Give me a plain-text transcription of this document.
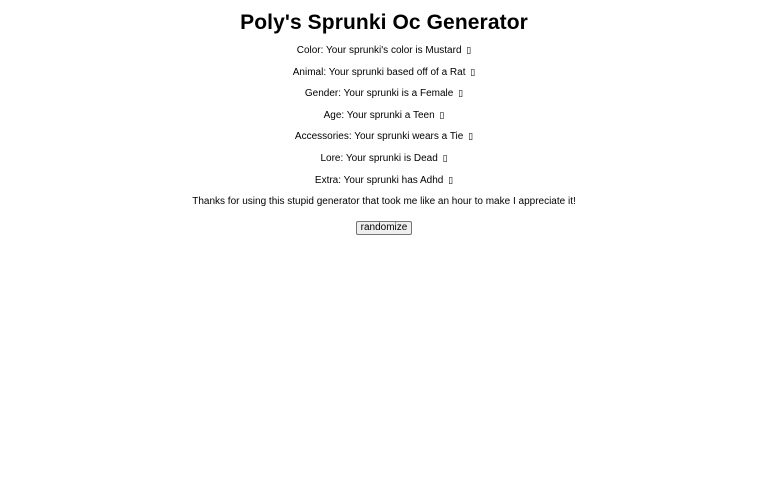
Poly's Sprunki Oc Generator
Color: Your sprunki's color is Mustard ▯
Animal: Your sprunki based off of a Rat ▯
Gender: Your sprunki is a Female ▯
Age: Your sprunki a Teen ▯
Accessories: Your sprunki wears a Tie ▯
Lore: Your sprunki is Dead ▯
Extra: Your sprunki has Adhd ▯
Thanks for using this stupid generator that took me like an hour to make I appreciate it!
randomize
